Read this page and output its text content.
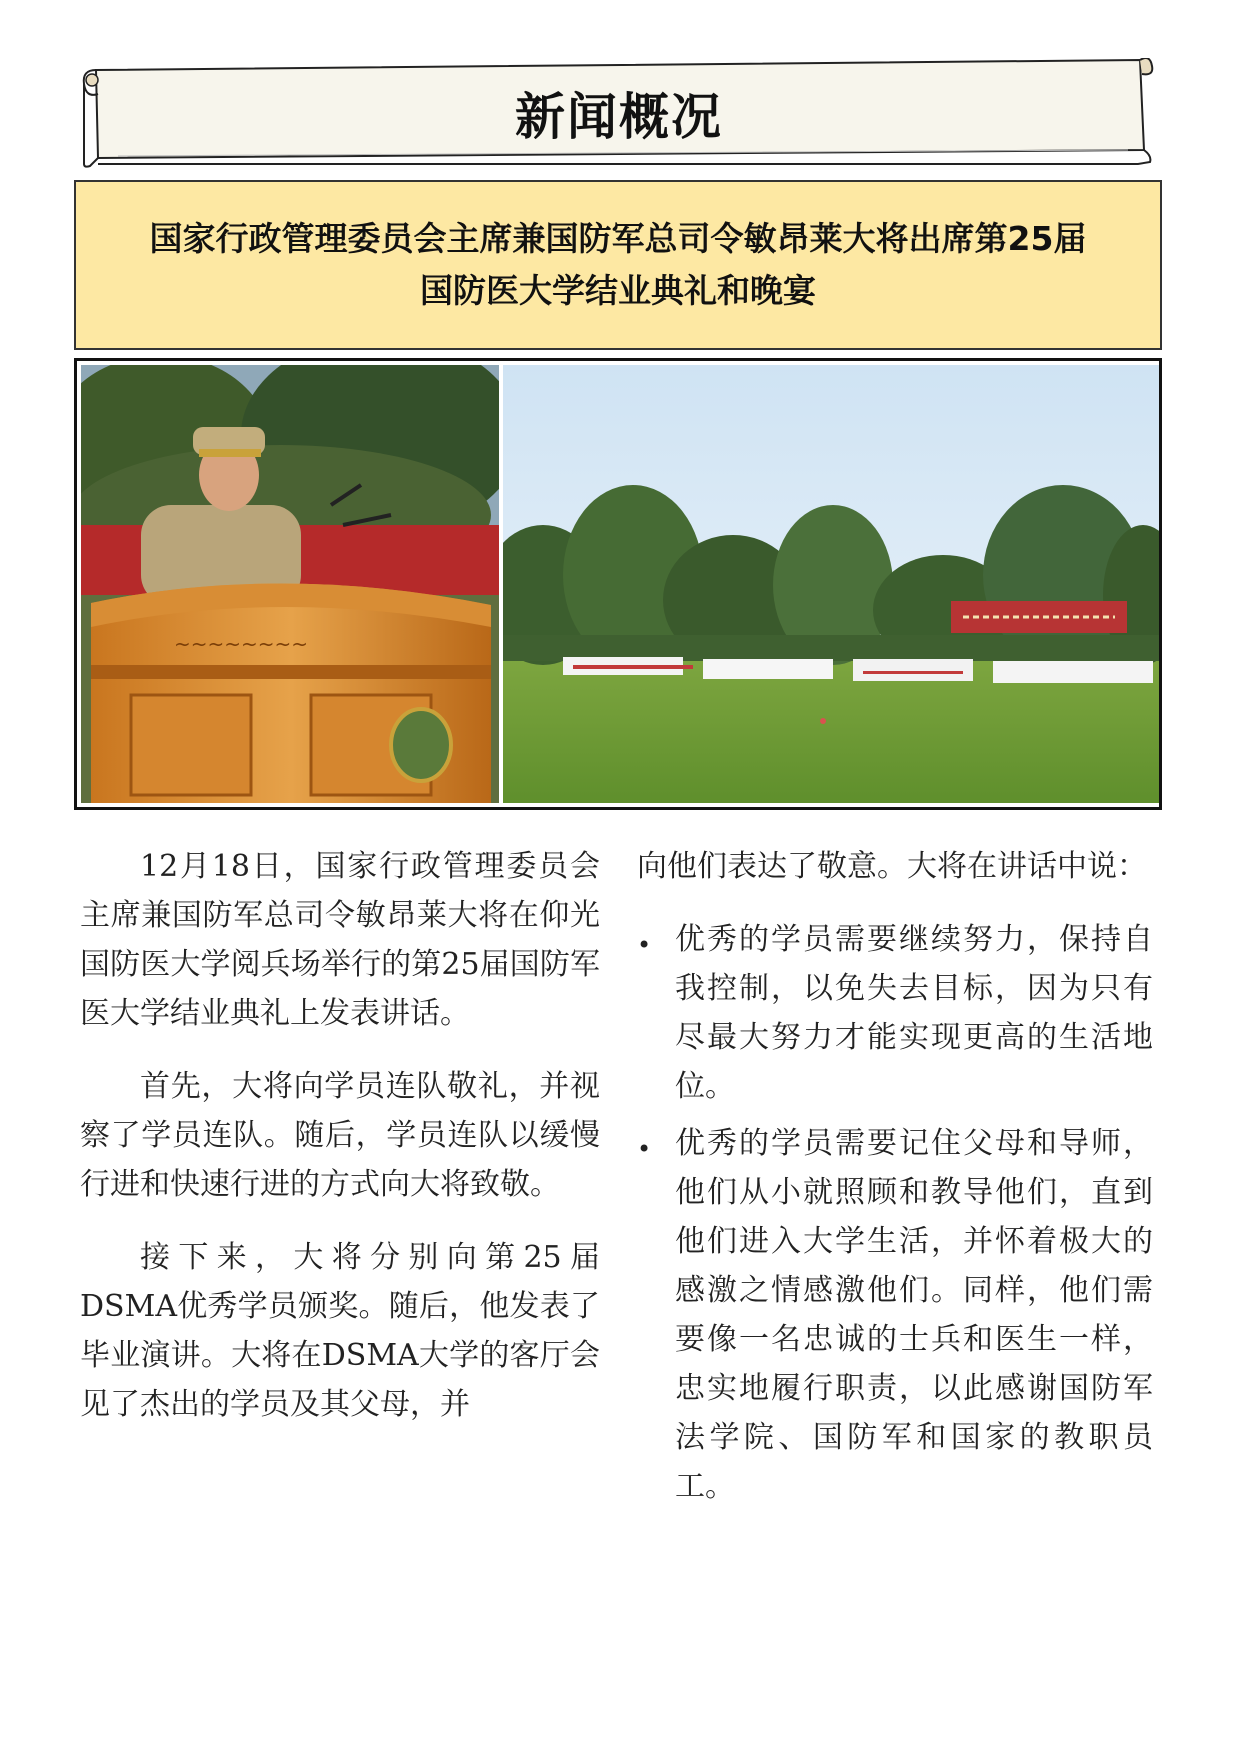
新闻概况
国家行政管理委员会主席兼国防军总司令敏昂莱大将出席第25届
国防医大学结业典礼和晚宴
~~~~~~~~

12月18日，国家行政管理委员会主席兼国防军总司令敏昂莱大将在仰光国防医大学阅兵场举行的第25届国防军医大学结业典礼上发表讲话。

首先，大将向学员连队敬礼，并视察了学员连队。随后，学员连队以缓慢行进和快速行进的方式向大将致敬。

接下来，大将分别向第25届DSMA优秀学员颁奖。随后，他发表了毕业演讲。大将在DSMA大学的客厅会见了杰出的学员及其父母，并

向他们表达了敬意。大将在讲话中说：

• 优秀的学员需要继续努力，保持自我控制，以免失去目标，因为只有尽最大努力才能实现更高的生活地位。
• 优秀的学员需要记住父母和导师，他们从小就照顾和教导他们，直到他们进入大学生活，并怀着极大的感激之情感激他们。同样，他们需要像一名忠诚的士兵和医生一样，忠实地履行职责，以此感谢国防军法学院、国防军和国家的教职员工。
